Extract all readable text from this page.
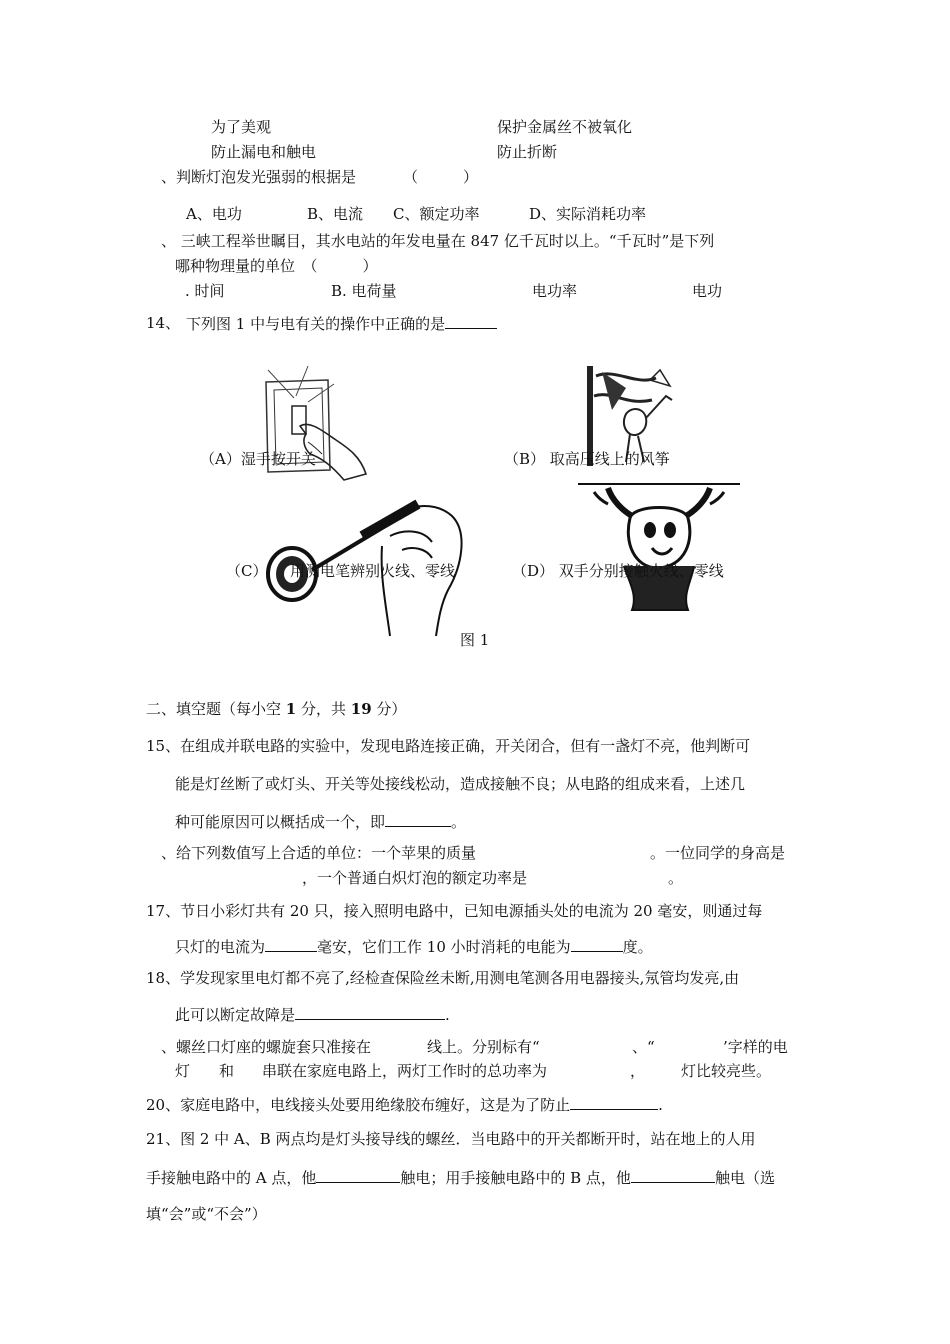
为了美观	保护金属丝不被氧化
防止漏电和触电	防止折断
、判断灯泡发光强弱的根据是	（　　　）
A、电功	B、电流 C、额定功率	D、实际消耗功率
、 三峡工程举世瞩目，其水电站的年发电量在 847 亿千瓦时以上。“千瓦时”是下列
哪种物理量的单位　（　　　）
. 时间	B. 电荷量	电功率	电功
14、 下列图 1 中与电有关的操作中正确的是
（A）湿手按开关	（B） 取高压线上的风筝
（C） 用测电笔辨别火线、零线	（D） 双手分别接触火线、零线
图 1
二、填空题（每小空 1 分，共 19 分）
15、在组成并联电路的实验中，发现电路连接正确，开关闭合，但有一盏灯不亮，他判断可
能是灯丝断了或灯头、开关等处接线松动，造成接触不良；从电路的组成来看，上述几
种可能原因可以概括成一个，即	。
、给下列数值写上合适的单位：一个苹果的质量	。一位同学的身高是
，一个普通白炽灯泡的额定功率是	。
17、节日小彩灯共有 20 只，接入照明电路中，已知电源插头处的电流为 20 毫安，则通过每
只灯的电流为	毫安，它们工作 10 小时消耗的电能为	度。
18、学发现家里电灯都不亮了,经检查保险丝未断,用测电笔测各用电器接头,氖管均发亮,由
此可以断定故障是	.
、螺丝口灯座的螺旋套只准接在	线上。分别标有“	、“	’字样的电
灯 和 串联在家庭电路上，两灯工作时的总功率为	， 灯比较亮些。
20、家庭电路中，电线接头处要用绝缘胶布缠好，这是为了防止	.
21、图 2 中 A、B 两点均是灯头接导线的螺丝．当电路中的开关都断开时，站在地上的人用
手接触电路中的 A 点，他	触电；用手接触电路中的 B 点，他	触电（选
填“会”或“不会”）
